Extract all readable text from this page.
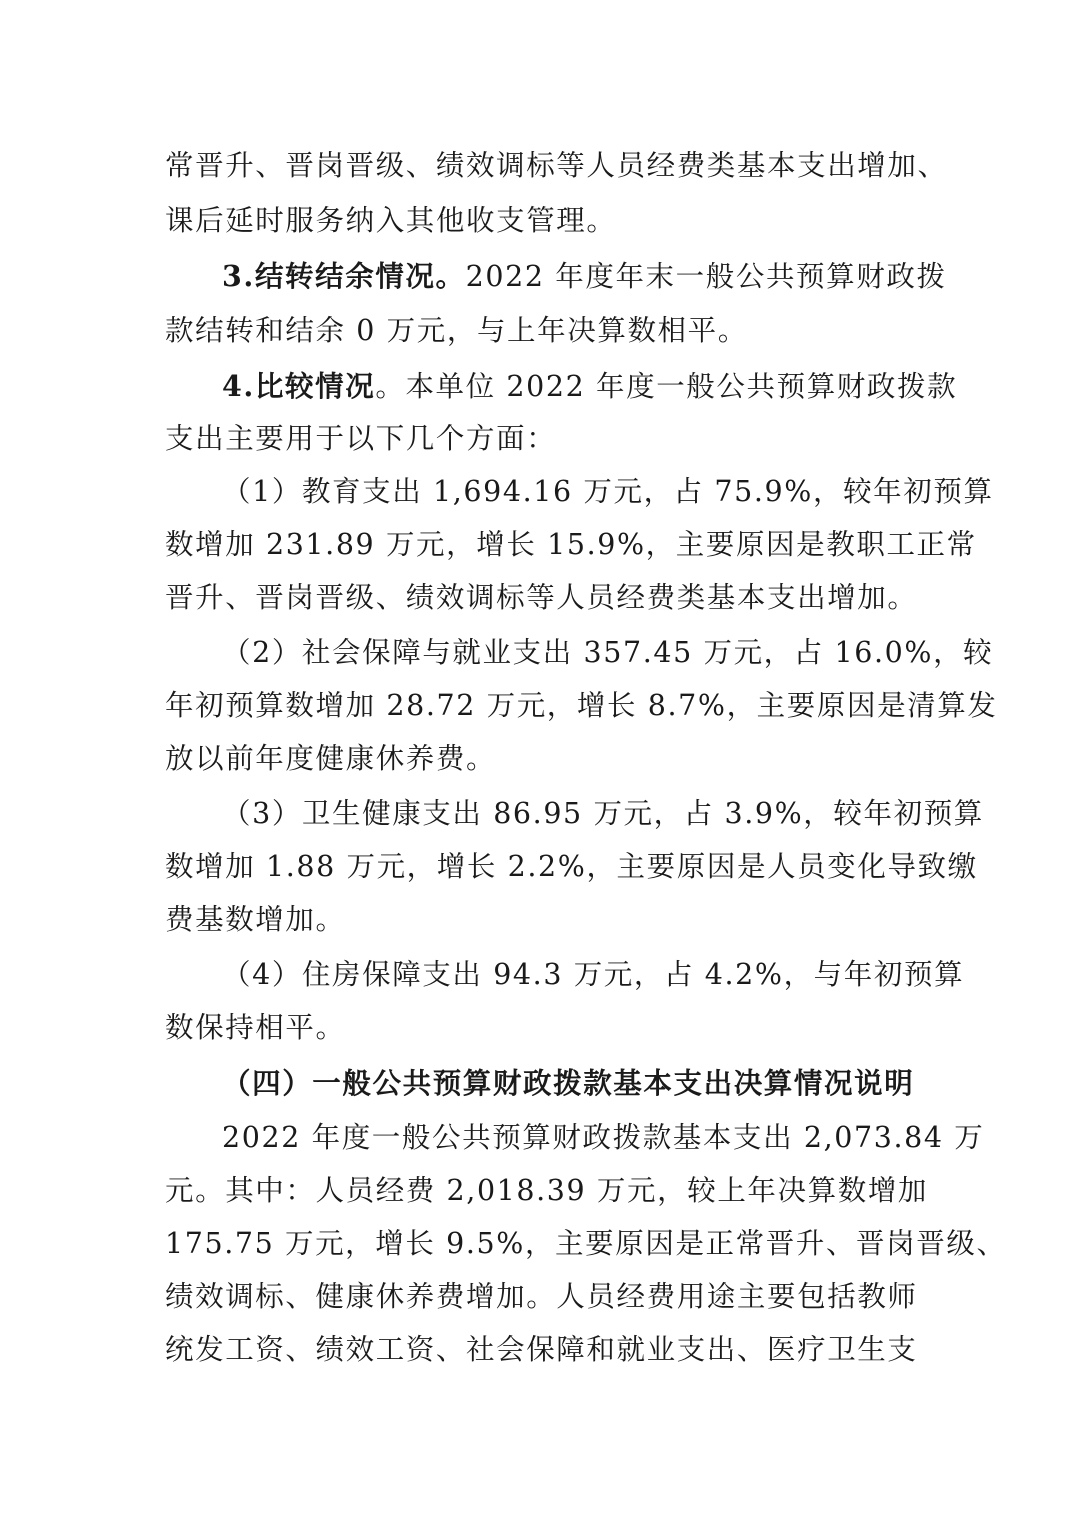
常晋升、晋岗晋级、绩效调标等人员经费类基本支出增加、
课后延时服务纳入其他收支管理。
3.结转结余情况。2022 年度年末一般公共预算财政拨
款结转和结余 0 万元，与上年决算数相平。
4.比较情况。本单位 2022 年度一般公共预算财政拨款
支出主要用于以下几个方面：
（1）教育支出 1,694.16 万元，占 75.9%，较年初预算
数增加 231.89 万元，增长 15.9%，主要原因是教职工正常
晋升、晋岗晋级、绩效调标等人员经费类基本支出增加。
（2）社会保障与就业支出 357.45 万元，占 16.0%，较
年初预算数增加 28.72 万元，增长 8.7%，主要原因是清算发
放以前年度健康休养费。
（3）卫生健康支出 86.95 万元，占 3.9%，较年初预算
数增加 1.88 万元，增长 2.2%，主要原因是人员变化导致缴
费基数增加。
（4）住房保障支出 94.3 万元，占 4.2%，与年初预算
数保持相平。
（四）一般公共预算财政拨款基本支出决算情况说明
2022 年度一般公共预算财政拨款基本支出 2,073.84 万
元。其中：人员经费 2,018.39 万元，较上年决算数增加
175.75 万元，增长 9.5%，主要原因是正常晋升、晋岗晋级、
绩效调标、健康休养费增加。人员经费用途主要包括教师
统发工资、绩效工资、社会保障和就业支出、医疗卫生支
